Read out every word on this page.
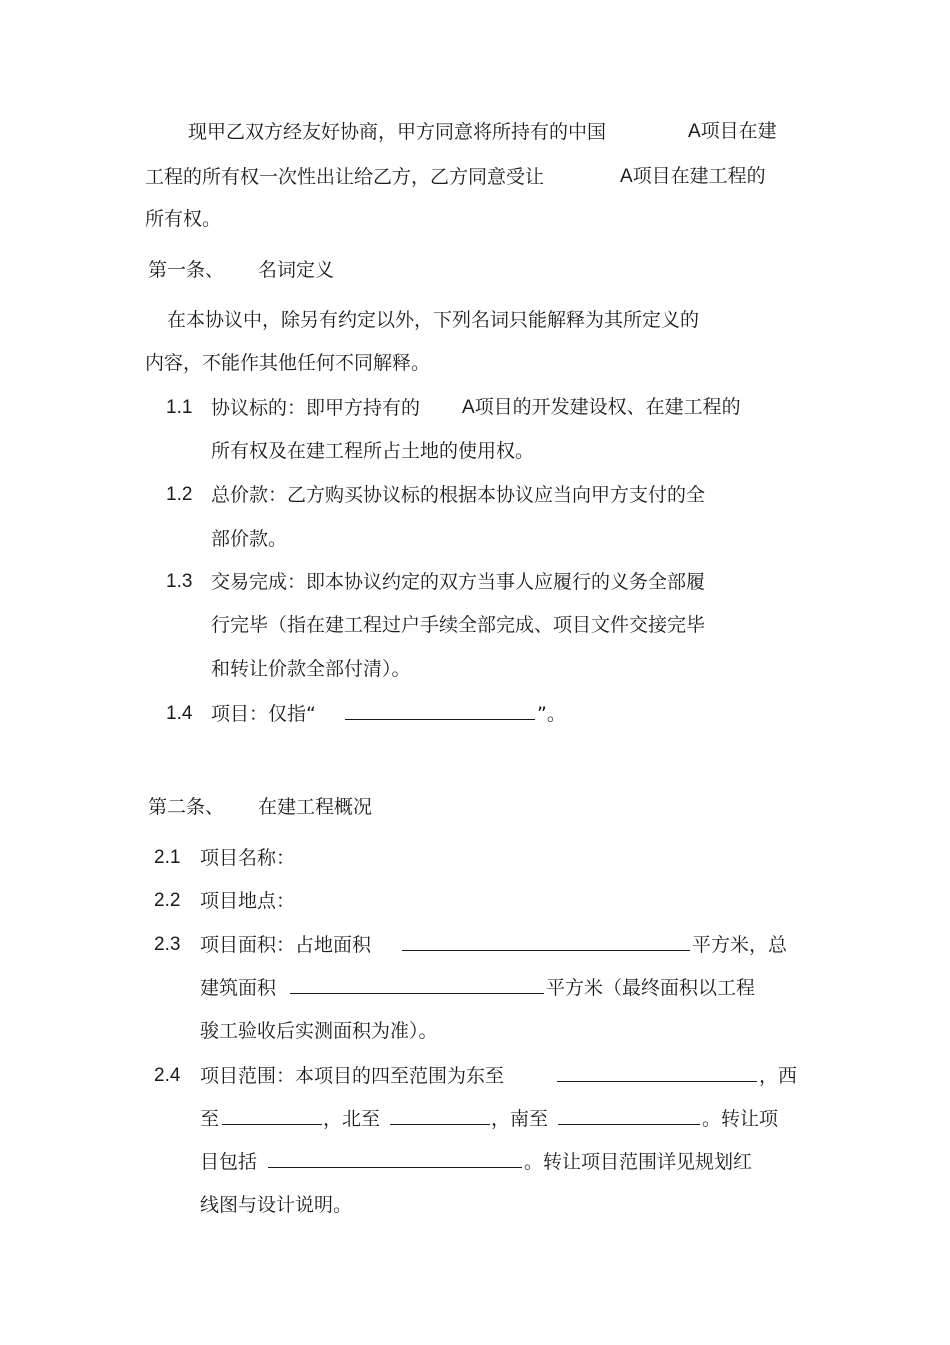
现甲乙双方经友好协商，甲方同意将所持有的中国	A项目在建
工程的所有权一次性出让给乙方，乙方同意受让	A项目在建工程的
所有权。
第一条、 名词定义
在本协议中，除另有约定以外，下列名词只能解释为其所定义的
内容，不能作其他任何不同解释。
1.1 协议标的：即甲方持有的 A项目的开发建设权、在建工程的
所有权及在建工程所占土地的使用权。
1.2 总价款：乙方购买协议标的根据本协议应当向甲方支付的全
部价款。
1.3 交易完成：即本协议约定的双方当事人应履行的义务全部履
行完毕（指在建工程过户手续全部完成、项目文件交接完毕
和转让价款全部付清）。
1.4 项目：仅指“	”。
第二条、 在建工程概况
2.1 项目名称：
2.2 项目地点：
2.3 项目面积：占地面积	平方米，总
建筑面积	平方米（最终面积以工程
骏工验收后实测面积为准）。
2.4 项目范围：本项目的四至范围为东至	，西
至	，北至	，南至	。转让项
目包括	。转让项目范围详见规划红
线图与设计说明。
